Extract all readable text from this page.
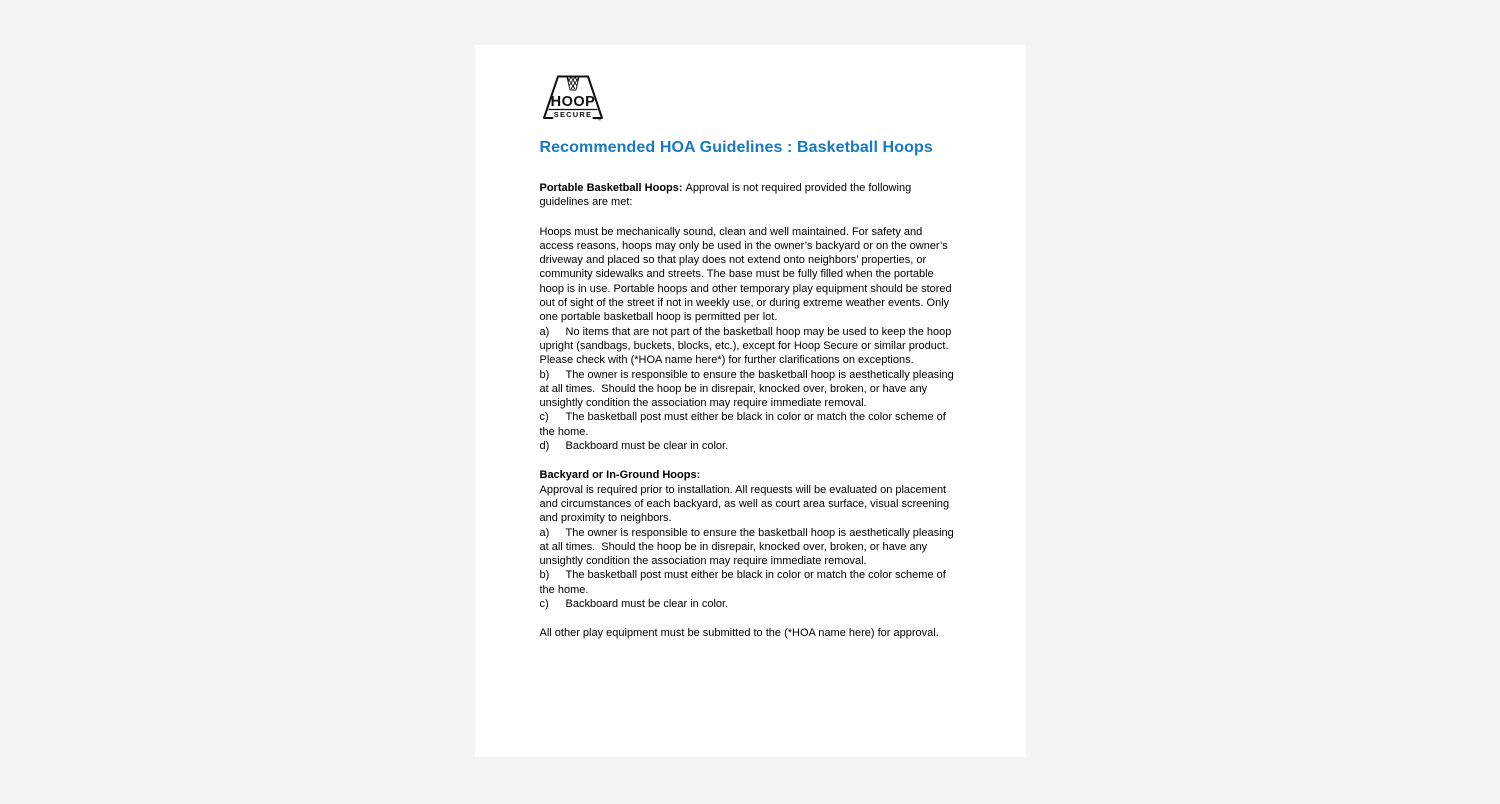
HOOP
SECURE
™
Recommended HOA Guidelines : Basketball Hoops

Portable Basketball Hoops: Approval is not required provided the following guidelines are met:

Hoops must be mechanically sound, clean and well maintained. For safety and access reasons, hoops may only be used in the owner’s backyard or on the owner’s driveway and placed so that play does not extend onto neighbors’ properties, or community sidewalks and streets. The base must be fully filled when the portable hoop is in use. Portable hoops and other temporary play equipment should be stored out of sight of the street if not in weekly use, or during extreme weather events. Only one portable basketball hoop is permitted per lot.

a) No items that are not part of the basketball hoop may be used to keep the hoop upright (sandbags, buckets, blocks, etc.), except for Hoop Secure or similar product. Please check with (*HOA name here*) for further clarifications on exceptions.

b) The owner is responsible to ensure the basketball hoop is aesthetically pleasing at all times.  Should the hoop be in disrepair, knocked over, broken, or have any unsightly condition the association may require immediate removal.

c) The basketball post must either be black in color or match the color scheme of the home.

d) Backboard must be clear in color.

Backyard or In-Ground Hoops:

Approval is required prior to installation. All requests will be evaluated on placement and circumstances of each backyard, as well as court area surface, visual screening and proximity to neighbors.

a) The owner is responsible to ensure the basketball hoop is aesthetically pleasing at all times.  Should the hoop be in disrepair, knocked over, broken, or have any unsightly condition the association may require immediate removal.

b) The basketball post must either be black in color or match the color scheme of the home.

c) Backboard must be clear in color.

All other play equipment must be submitted to the (*HOA name here) for approval.
